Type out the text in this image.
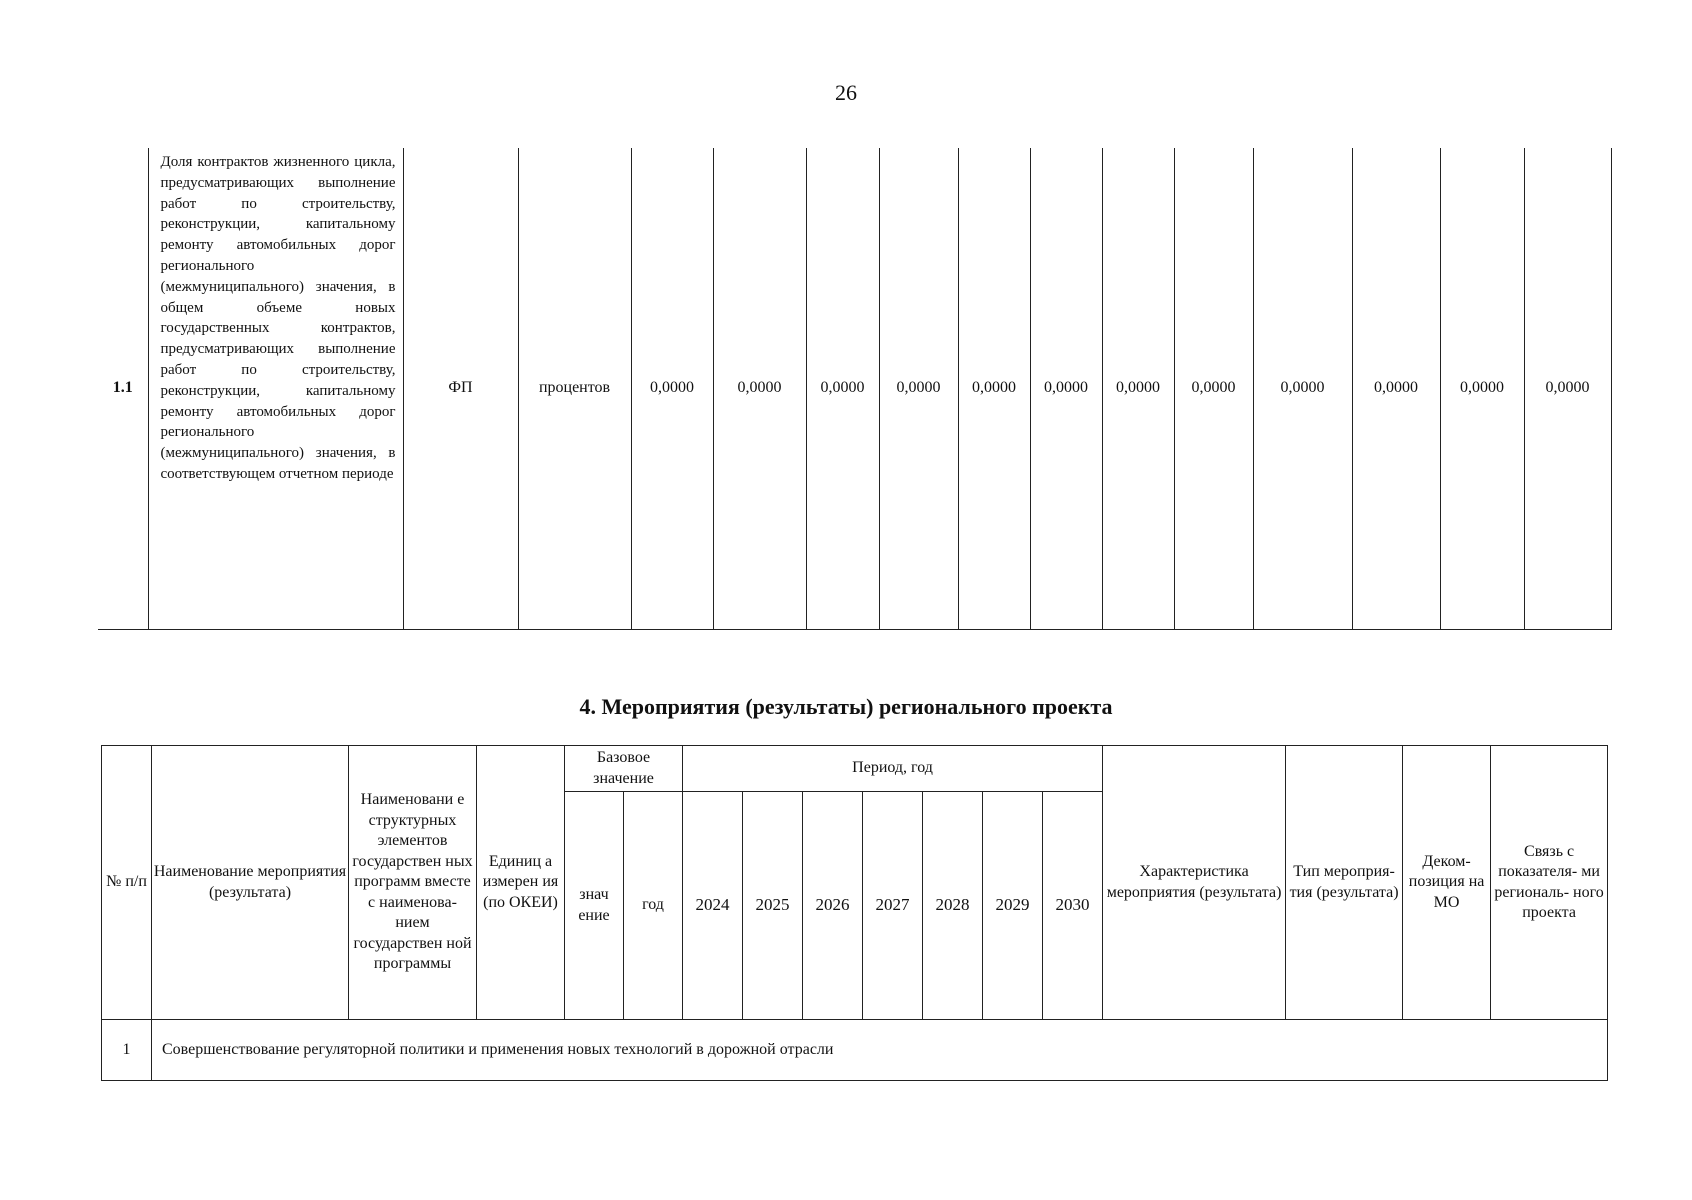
26
1.1	Доля контрактов жизненного цикла, предусматривающих выполнение работ по строительству, реконструкции, капитальному ремонту автомобильных дорог регионального (межмуниципального) значения, в общем объеме новых государственных контрактов, предусматривающих выполнение работ по строительству, реконструкции, капитальному ремонту автомобильных дорог регионального (межмуниципального) значения, в соответствующем отчетном периоде	ФП	процентов	0,0000	0,0000	0,0000	0,0000	0,0000	0,0000	0,0000	0,0000	0,0000	0,0000	0,0000	0,0000
4. Мероприятия (результаты) регионального проекта
№ п/п	Наименование мероприятия (результата)	Наименовани е структурных элементов государствен ных программ вместе с наименова- нием государствен ной программы	Единиц а измерен ия (по ОКЕИ)	Базовое значение		Период, год							Характеристика мероприятия (результата)	Тип мероприя- тия (результата)	Деком- позиция на МО	Связь с показателя- ми региональ- ного проекта
				знач ение	год	2024	2025	2026	2027	2028	2029	2030				
1	Совершенствование регуляторной политики и применения новых технологий в дорожной отрасли															
